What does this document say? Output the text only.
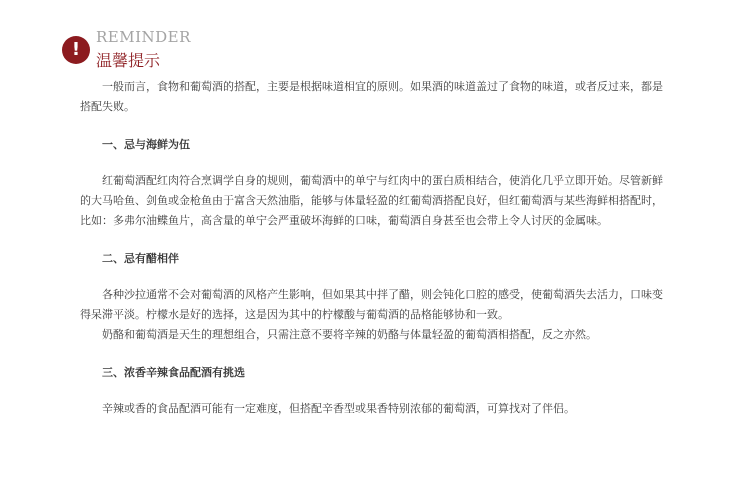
!
REMINDER
温馨提示

一般而言，食物和葡萄酒的搭配，主要是根据味道相宜的原则。如果酒的味道盖过了食物的味道，或者反过来，都是搭配失败。

一、忌与海鲜为伍

红葡萄酒配红肉符合烹调学自身的规则，葡萄酒中的单宁与红肉中的蛋白质相结合，使消化几乎立即开始。尽管新鲜的大马哈鱼、剑鱼或金枪鱼由于富含天然油脂，能够与体量轻盈的红葡萄酒搭配良好，但红葡萄酒与某些海鲜相搭配时，比如：多弗尔油鲽鱼片，高含量的单宁会严重破坏海鲜的口味，葡萄酒自身甚至也会带上令人讨厌的金属味。

二、忌有醋相伴

各种沙拉通常不会对葡萄酒的风格产生影响，但如果其中拌了醋，则会钝化口腔的感受，使葡萄酒失去活力，口味变得呆滞平淡。柠檬水是好的选择，这是因为其中的柠檬酸与葡萄酒的品格能够协和一致。

奶酪和葡萄酒是天生的理想组合，只需注意不要将辛辣的奶酪与体量轻盈的葡萄酒相搭配，反之亦然。

三、浓香辛辣食品配酒有挑选

辛辣或香的食品配酒可能有一定难度，但搭配辛香型或果香特别浓郁的葡萄酒，可算找对了伴侣。
